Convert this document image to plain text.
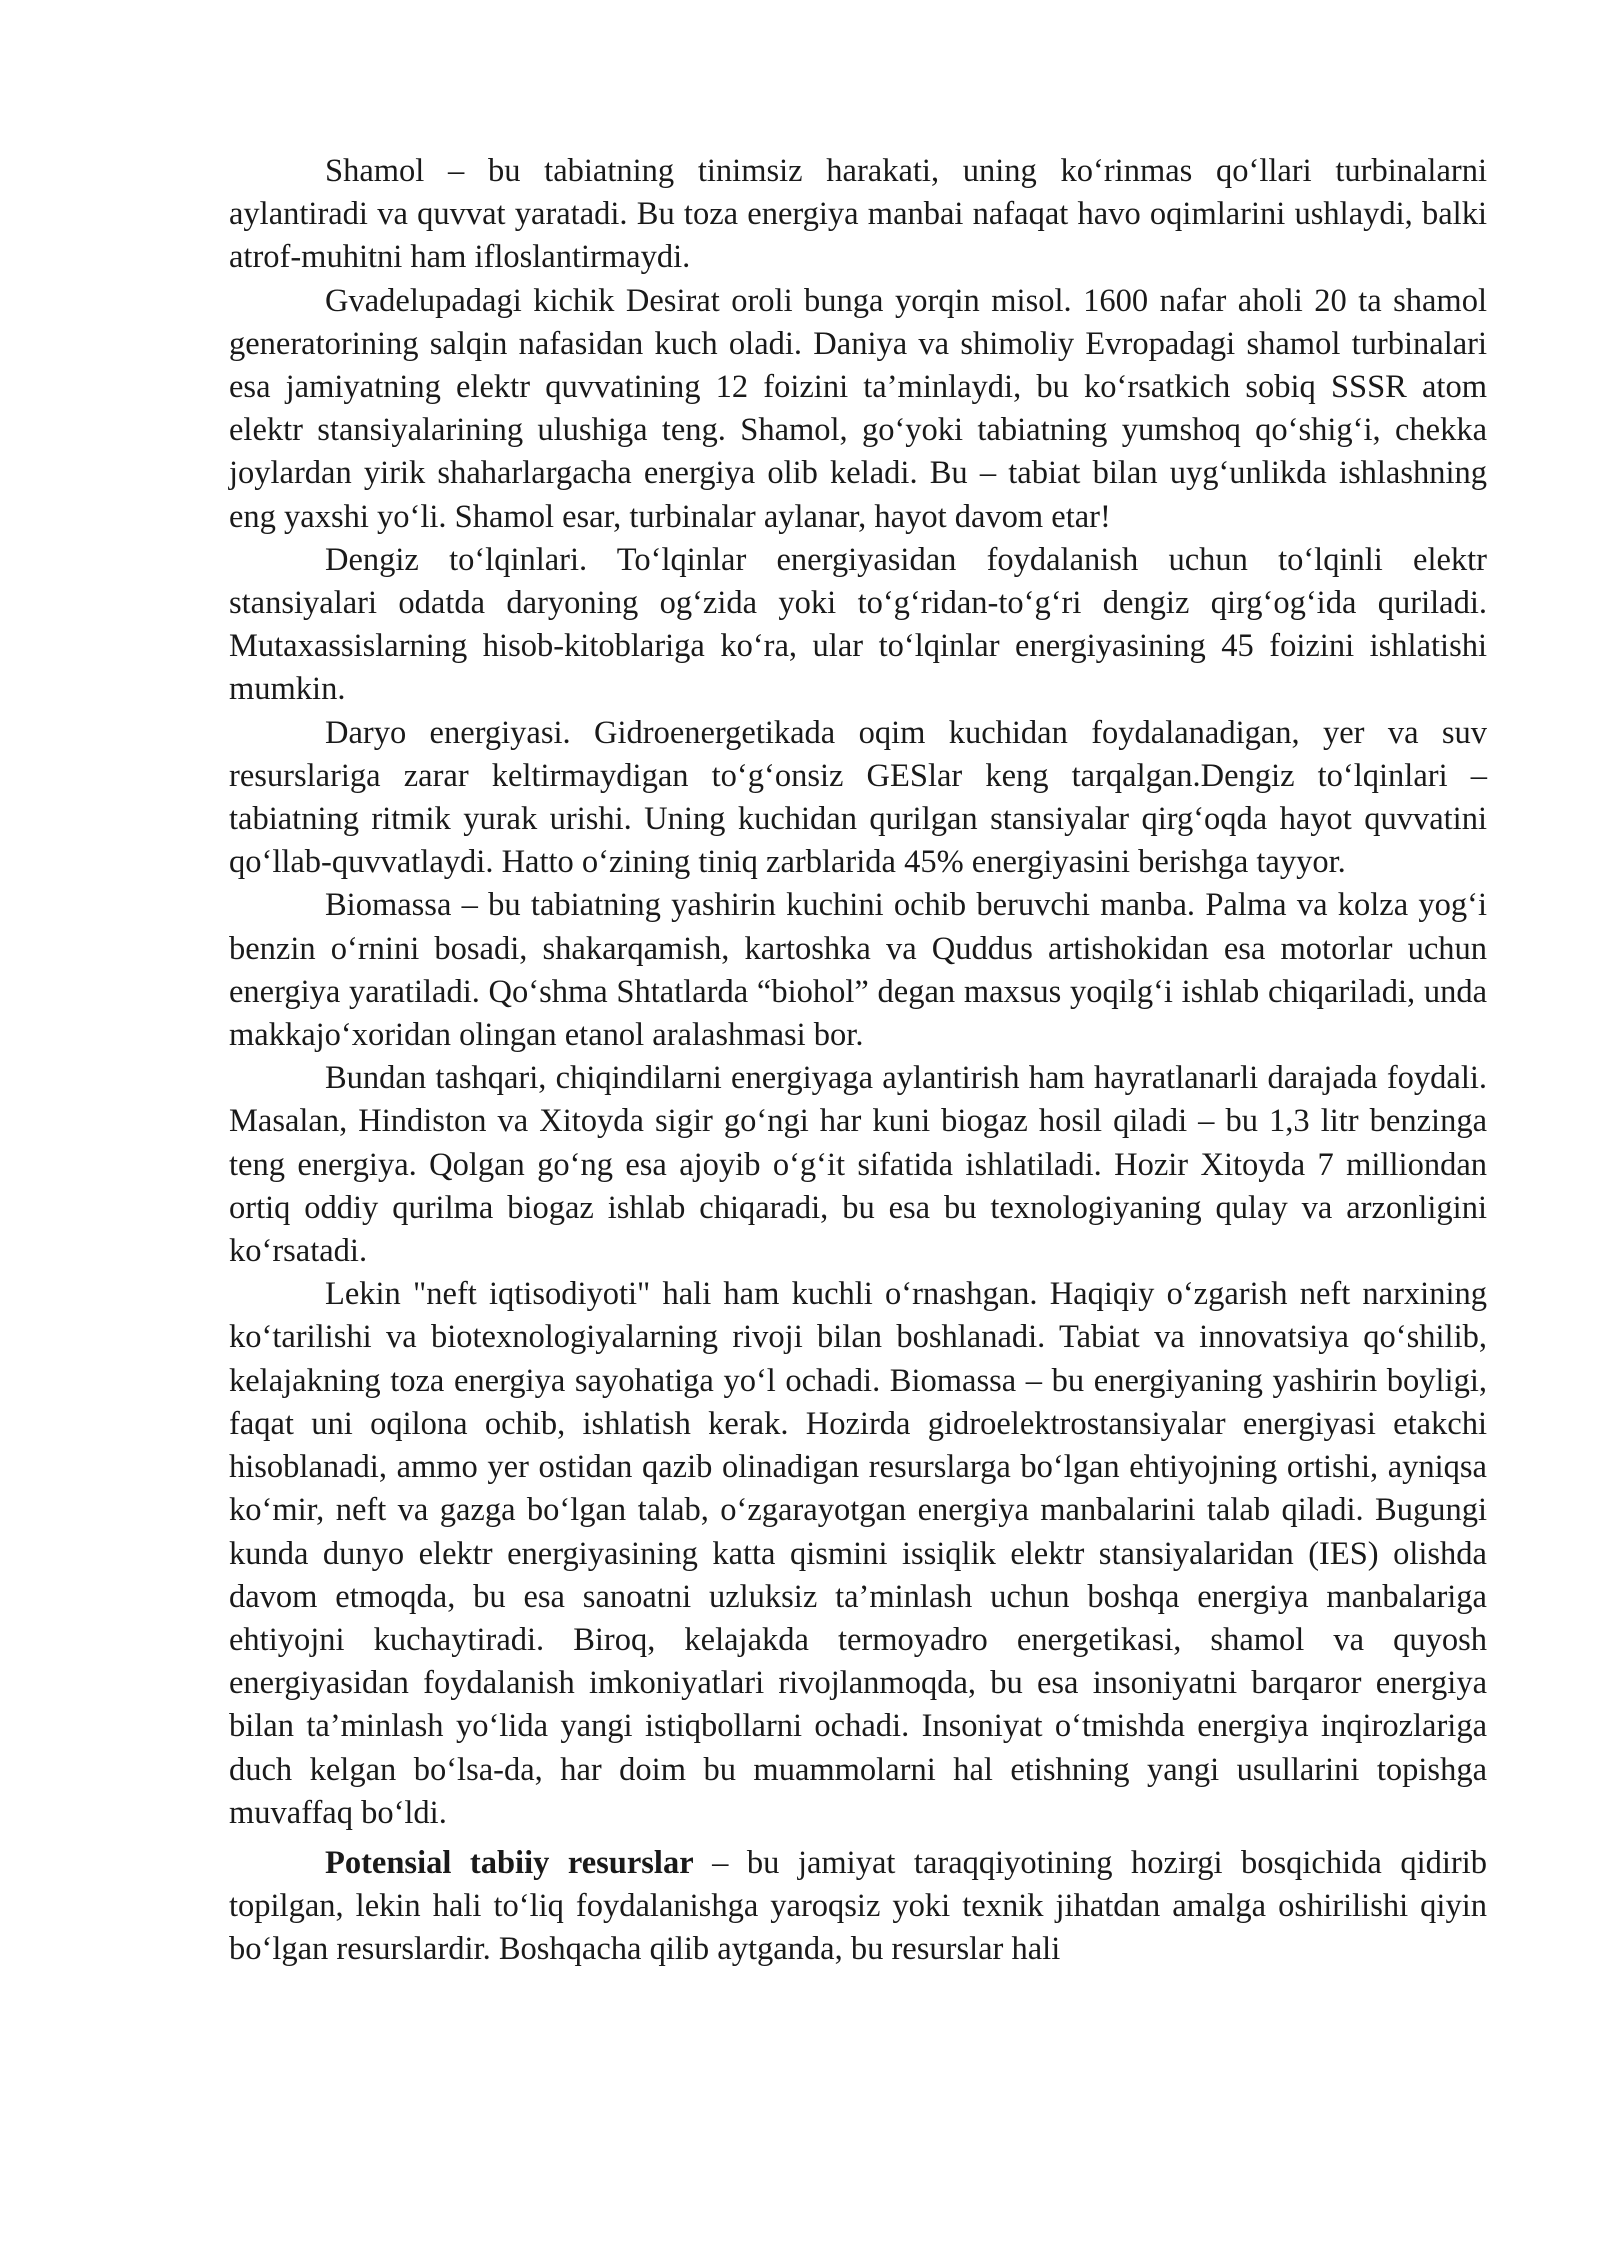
Shamol – bu tabiatning tinimsiz harakati, uning ko‘rinmas qo‘llari turbinalarni aylantiradi va quvvat yaratadi. Bu toza energiya manbai nafaqat havo oqimlarini ushlaydi, balki atrof-muhitni ham ifloslantirmaydi.

Gvadelupadagi kichik Desirat oroli bunga yorqin misol. 1600 nafar aholi 20 ta shamol generatorining salqin nafasidan kuch oladi. Daniya va shimoliy Evropadagi shamol turbinalari esa jamiyatning elektr quvvatining 12 foizini ta’minlaydi, bu ko‘rsatkich sobiq SSSR atom elektr stansiyalarining ulushiga teng. Shamol, go‘yoki tabiatning yumshoq qo‘shig‘i, chekka joylardan yirik shaharlargacha energiya olib keladi. Bu – tabiat bilan uyg‘unlikda ishlashning eng yaxshi yo‘li. Shamol esar, turbinalar aylanar, hayot davom etar!

Dengiz to‘lqinlari. To‘lqinlar energiyasidan foydalanish uchun to‘lqinli elektr stansiyalari odatda daryoning og‘zida yoki to‘g‘ridan-to‘g‘ri dengiz qirg‘og‘ida quriladi. Mutaxassislarning hisob-kitoblariga ko‘ra, ular to‘lqinlar energiyasining 45 foizini ishlatishi mumkin.

Daryo energiyasi. Gidroenergetikada oqim kuchidan foydalanadigan, yer va suv resurslariga zarar keltirmaydigan to‘g‘onsiz GESlar keng tarqalgan.Dengiz to‘lqinlari – tabiatning ritmik yurak urishi. Uning kuchidan qurilgan stansiyalar qirg‘oqda hayot quvvatini qo‘llab-quvvatlaydi. Hatto o‘zining tiniq zarblarida 45% energiyasini berishga tayyor.

Biomassa – bu tabiatning yashirin kuchini ochib beruvchi manba. Palma va kolza yog‘i benzin o‘rnini bosadi, shakarqamish, kartoshka va Quddus artishokidan esa motorlar uchun energiya yaratiladi. Qo‘shma Shtatlarda “biohol” degan maxsus yoqilg‘i ishlab chiqariladi, unda makkajo‘xoridan olingan etanol aralashmasi bor.

Bundan tashqari, chiqindilarni energiyaga aylantirish ham hayratlanarli darajada foydali. Masalan, Hindiston va Xitoyda sigir go‘ngi har kuni biogaz hosil qiladi – bu 1,3 litr benzinga teng energiya. Qolgan go‘ng esa ajoyib o‘g‘it sifatida ishlatiladi. Hozir Xitoyda 7 milliondan ortiq oddiy qurilma biogaz ishlab chiqaradi, bu esa bu texnologiyaning qulay va arzonligini ko‘rsatadi.

Lekin "neft iqtisodiyoti" hali ham kuchli o‘rnashgan. Haqiqiy o‘zgarish neft narxining ko‘tarilishi va biotexnologiyalarning rivoji bilan boshlanadi. Tabiat va innovatsiya qo‘shilib, kelajakning toza energiya sayohatiga yo‘l ochadi. Biomassa – bu energiyaning yashirin boyligi, faqat uni oqilona ochib, ishlatish kerak. Hozirda gidroelektrostansiyalar energiyasi etakchi hisoblanadi, ammo yer ostidan qazib olinadigan resurslarga bo‘lgan ehtiyojning ortishi, ayniqsa ko‘mir, neft va gazga bo‘lgan talab, o‘zgarayotgan energiya manbalarini talab qiladi. Bugungi kunda dunyo elektr energiyasining katta qismini issiqlik elektr stansiyalaridan (IES) olishda davom etmoqda, bu esa sanoatni uzluksiz ta’minlash uchun boshqa energiya manbalariga ehtiyojni kuchaytiradi. Biroq, kelajakda termoyadro energetikasi, shamol va quyosh energiyasidan foydalanish imkoniyatlari rivojlanmoqda, bu esa insoniyatni barqaror energiya bilan ta’minlash yo‘lida yangi istiqbollarni ochadi. Insoniyat o‘tmishda energiya inqirozlariga duch kelgan bo‘lsa-da, har doim bu muammolarni hal etishning yangi usullarini topishga muvaffaq bo‘ldi.

Potensial tabiiy resurslar – bu jamiyat taraqqiyotining hozirgi bosqichida qidirib topilgan, lekin hali to‘liq foydalanishga yaroqsiz yoki texnik jihatdan amalga oshirilishi qiyin bo‘lgan resurslardir. Boshqacha qilib aytganda, bu resurslar hali
